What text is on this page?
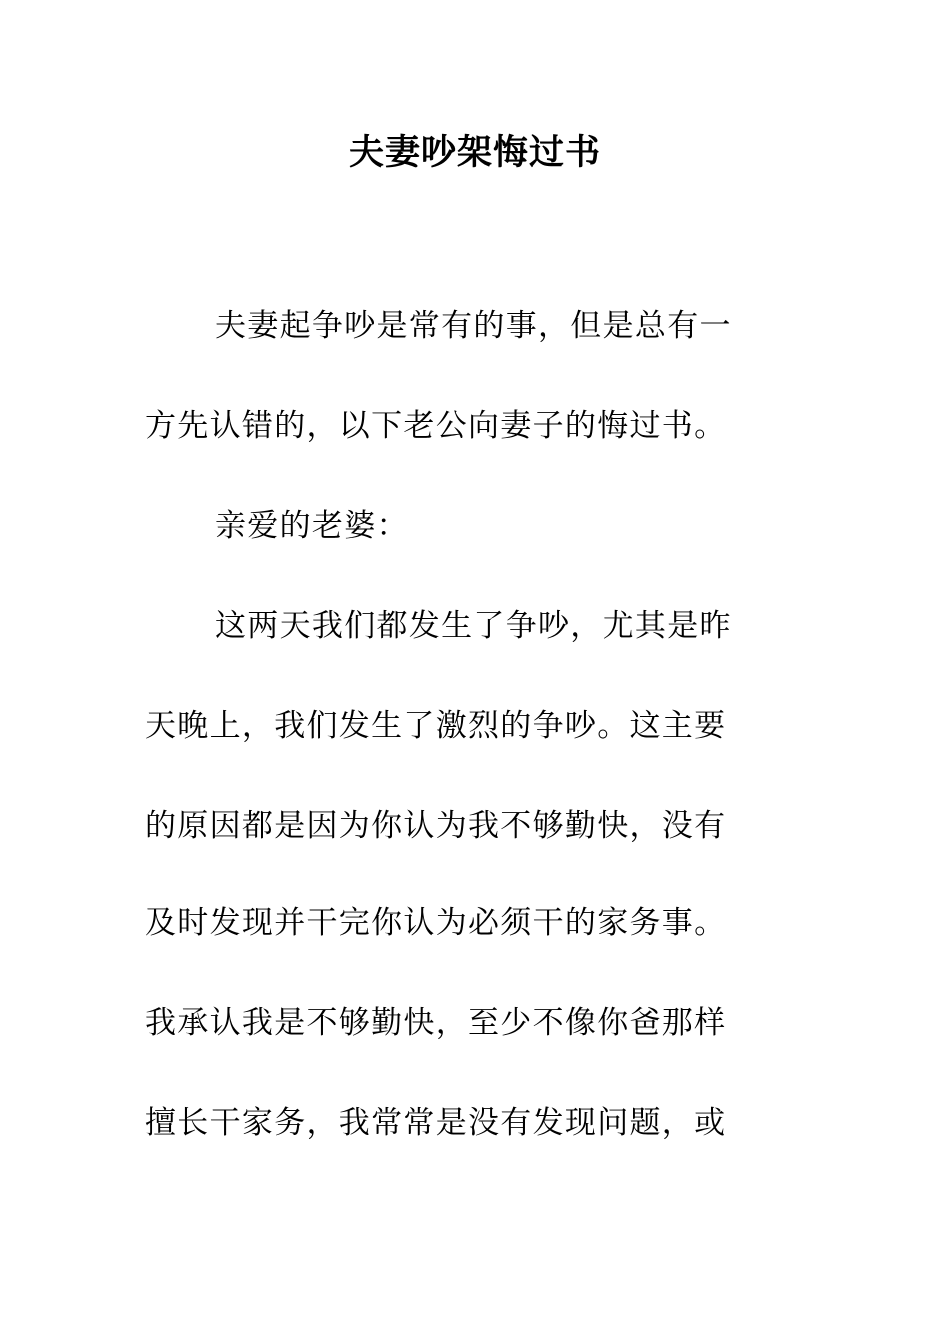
夫妻吵架悔过书
夫妻起争吵是常有的事，但是总有一
方先认错的，以下老公向妻子的悔过书。
亲爱的老婆：
这两天我们都发生了争吵，尤其是昨
天晚上，我们发生了激烈的争吵。这主要
的原因都是因为你认为我不够勤快，没有
及时发现并干完你认为必须干的家务事。
我承认我是不够勤快，至少不像你爸那样
擅长干家务，我常常是没有发现问题，或
